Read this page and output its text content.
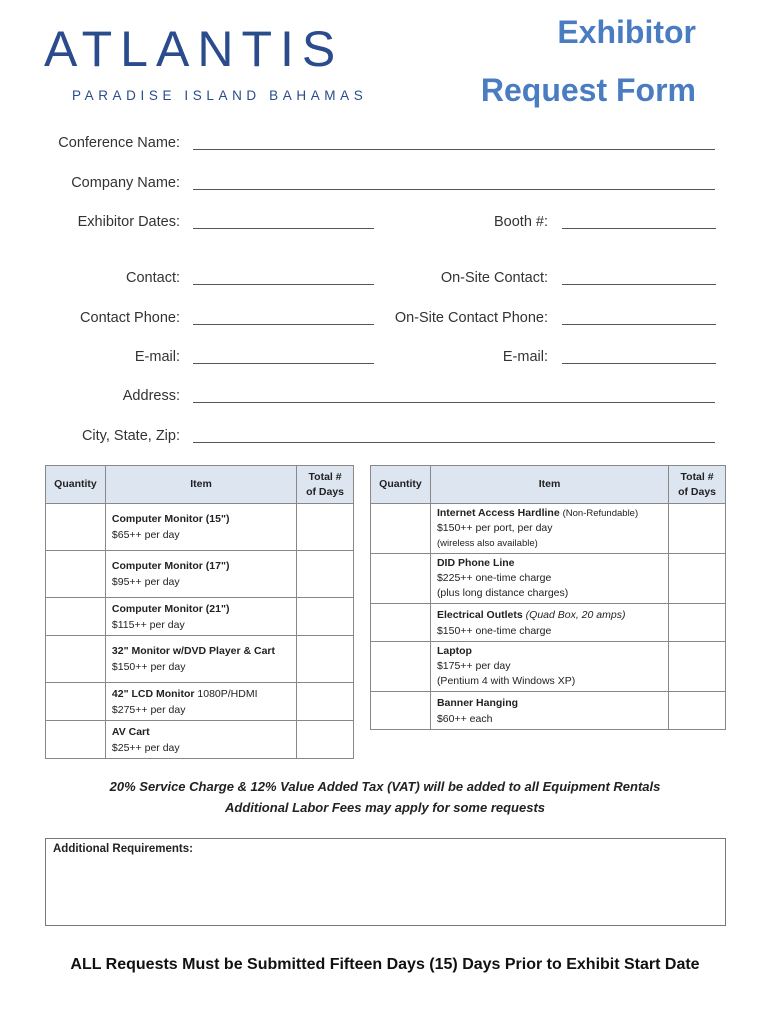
ATLANTIS
PARADISE ISLAND BAHAMAS
Exhibitor
Request Form
Conference Name:
Company Name:
Exhibitor Dates:	Booth #:
Contact:	On-Site Contact:
Contact Phone:	On-Site Contact Phone:
E-mail:	E-mail:
Address:
City, State, Zip:
Quantity	Item	Total #
of Days
	Computer Monitor (15")
$65++ per day	
	Computer Monitor (17")
$95++ per day	
	Computer Monitor (21")
$115++ per day	
	32" Monitor w/DVD Player & Cart
$150++ per day	
	42" LCD Monitor 1080P/HDMI
$275++ per day	
	AV Cart
$25++ per day	
Quantity	Item	Total #
of Days
	Internet Access Hardline (Non-Refundable)
$150++ per port, per day
(wireless also available)	
	DID Phone Line
$225++ one-time charge
(plus long distance charges)	
	Electrical Outlets (Quad Box, 20 amps)
$150++ one-time charge	
	Laptop
$175++ per day
(Pentium 4 with Windows XP)	
	Banner Hanging
$60++ each	
20% Service Charge & 12% Value Added Tax (VAT) will be added to all Equipment Rentals
Additional Labor Fees may apply for some requests
Additional Requirements:
ALL Requests Must be Submitted Fifteen Days (15) Days Prior to Exhibit Start Date
